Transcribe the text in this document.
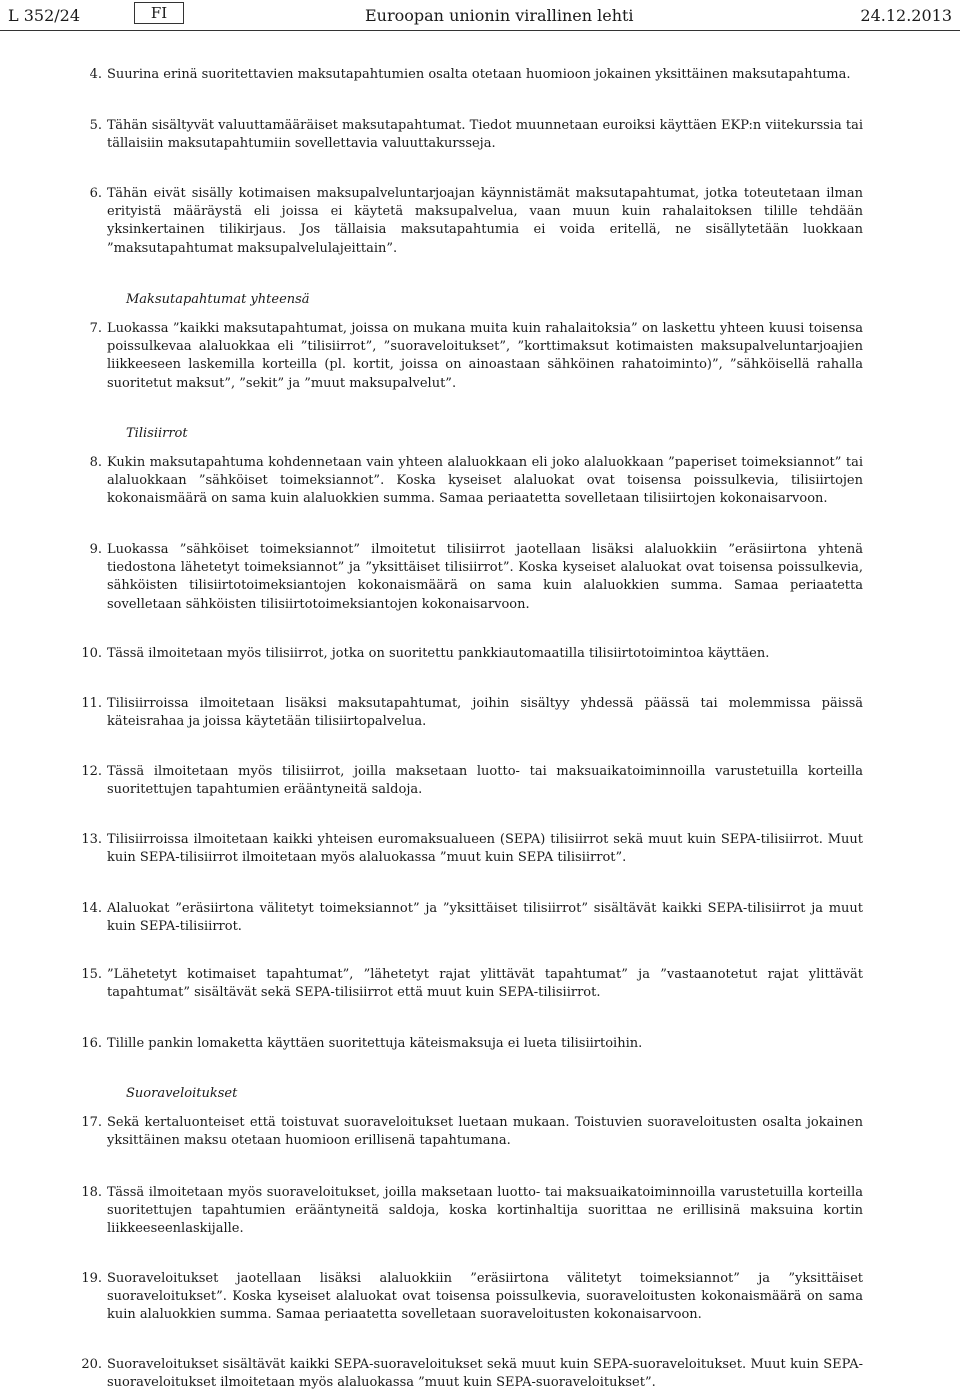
L 352/24	FI	Euroopan unionin virallinen lehti	24.12.2013
4. Suurina erinä suoritettavien maksutapahtumien osalta otetaan huomioon jokainen yksittäinen maksutapahtuma.
5. Tähän sisältyvät valuuttamääräiset maksutapahtumat. Tiedot muunnetaan euroiksi käyttäen EKP:n viitekurssia tai tällaisiin maksutapahtumiin sovellettavia valuuttakursseja.
6. Tähän eivät sisälly kotimaisen maksupalveluntarjoajan käynnistämät maksutapahtumat, jotka toteutetaan ilman erityistä määräystä eli joissa ei käytetä maksupalvelua, vaan muun kuin rahalaitoksen tilille tehdään yksinkertainen tilikirjaus. Jos tällaisia maksutapahtumia ei voida eritellä, ne sisällytetään luokkaan ”maksutapahtumat maksupalvelulajeittain”.
Maksutapahtumat yhteensä
7. Luokassa ”kaikki maksutapahtumat, joissa on mukana muita kuin rahalaitoksia” on laskettu yhteen kuusi toisensa poissulkevaa alaluokkaa eli ”tilisiirrot”, ”suoraveloitukset”, ”korttimaksut kotimaisten maksupalveluntarjoajien liikkeeseen laskemilla korteilla (pl. kortit, joissa on ainoastaan sähköinen rahatoiminto)”, ”sähköisellä rahalla suoritetut maksut”, ”sekit” ja ”muut maksupalvelut”.
Tilisiirrot
8. Kukin maksutapahtuma kohdennetaan vain yhteen alaluokkaan eli joko alaluokkaan ”paperiset toimeksiannot” tai alaluokkaan ”sähköiset toimeksiannot”. Koska kyseiset alaluokat ovat toisensa poissulkevia, tilisiirtojen kokonaismäärä on sama kuin alaluokkien summa. Samaa periaatetta sovelletaan tilisiirtojen kokonaisarvoon.
9. Luokassa ”sähköiset toimeksiannot” ilmoitetut tilisiirrot jaotellaan lisäksi alaluokkiin ”eräsiirtona yhtenä tiedostona lähetetyt toimeksiannot” ja ”yksittäiset tilisiirrot”. Koska kyseiset alaluokat ovat toisensa poissulkevia, sähköisten tilisiirtotoimeksiantojen kokonaismäärä on sama kuin alaluokkien summa. Samaa periaatetta sovelletaan sähköisten tilisiirtotoimeksiantojen kokonaisarvoon.
10. Tässä ilmoitetaan myös tilisiirrot, jotka on suoritettu pankkiautomaatilla tilisiirtotoimintoa käyttäen.
11. Tilisiirroissa ilmoitetaan lisäksi maksutapahtumat, joihin sisältyy yhdessä päässä tai molemmissa päissä käteisrahaa ja joissa käytetään tilisiirtopalvelua.
12. Tässä ilmoitetaan myös tilisiirrot, joilla maksetaan luotto- tai maksuaikatoiminnoilla varustetuilla korteilla suoritettujen tapahtumien erääntyneitä saldoja.
13. Tilisiirroissa ilmoitetaan kaikki yhteisen euromaksualueen (SEPA) tilisiirrot sekä muut kuin SEPA-tilisiirrot. Muut kuin SEPA-tilisiirrot ilmoitetaan myös alaluokassa ”muut kuin SEPA tilisiirrot”.
14. Alaluokat ”eräsiirtona välitetyt toimeksiannot” ja ”yksittäiset tilisiirrot” sisältävät kaikki SEPA-tilisiirrot ja muut kuin SEPA-tilisiirrot.
15. ”Lähetetyt kotimaiset tapahtumat”, ”lähetetyt rajat ylittävät tapahtumat” ja ”vastaanotetut rajat ylittävät tapahtumat” sisältävät sekä SEPA-tilisiirrot että muut kuin SEPA-tilisiirrot.
16. Tilille pankin lomaketta käyttäen suoritettuja käteismaksuja ei lueta tilisiirtoihin.
Suoraveloitukset
17. Sekä kertaluonteiset että toistuvat suoraveloitukset luetaan mukaan. Toistuvien suoraveloitusten osalta jokainen yksittäinen maksu otetaan huomioon erillisenä tapahtumana.
18. Tässä ilmoitetaan myös suoraveloitukset, joilla maksetaan luotto- tai maksuaikatoiminnoilla varustetuilla korteilla suoritettujen tapahtumien erääntyneitä saldoja, koska kortinhaltija suorittaa ne erillisinä maksuina kortin liikkeeseenlaskijalle.
19. Suoraveloitukset jaotellaan lisäksi alaluokkiin ”eräsiirtona välitetyt toimeksiannot” ja ”yksittäiset suoraveloitukset”. Koska kyseiset alaluokat ovat toisensa poissulkevia, suoraveloitusten kokonaismäärä on sama kuin alaluokkien summa. Samaa periaatetta sovelletaan suoraveloitusten kokonaisarvoon.
20. Suoraveloitukset sisältävät kaikki SEPA-suoraveloitukset sekä muut kuin SEPA-suoraveloitukset. Muut kuin SEPA-suoraveloitukset ilmoitetaan myös alaluokassa ”muut kuin SEPA-suoraveloitukset”.
